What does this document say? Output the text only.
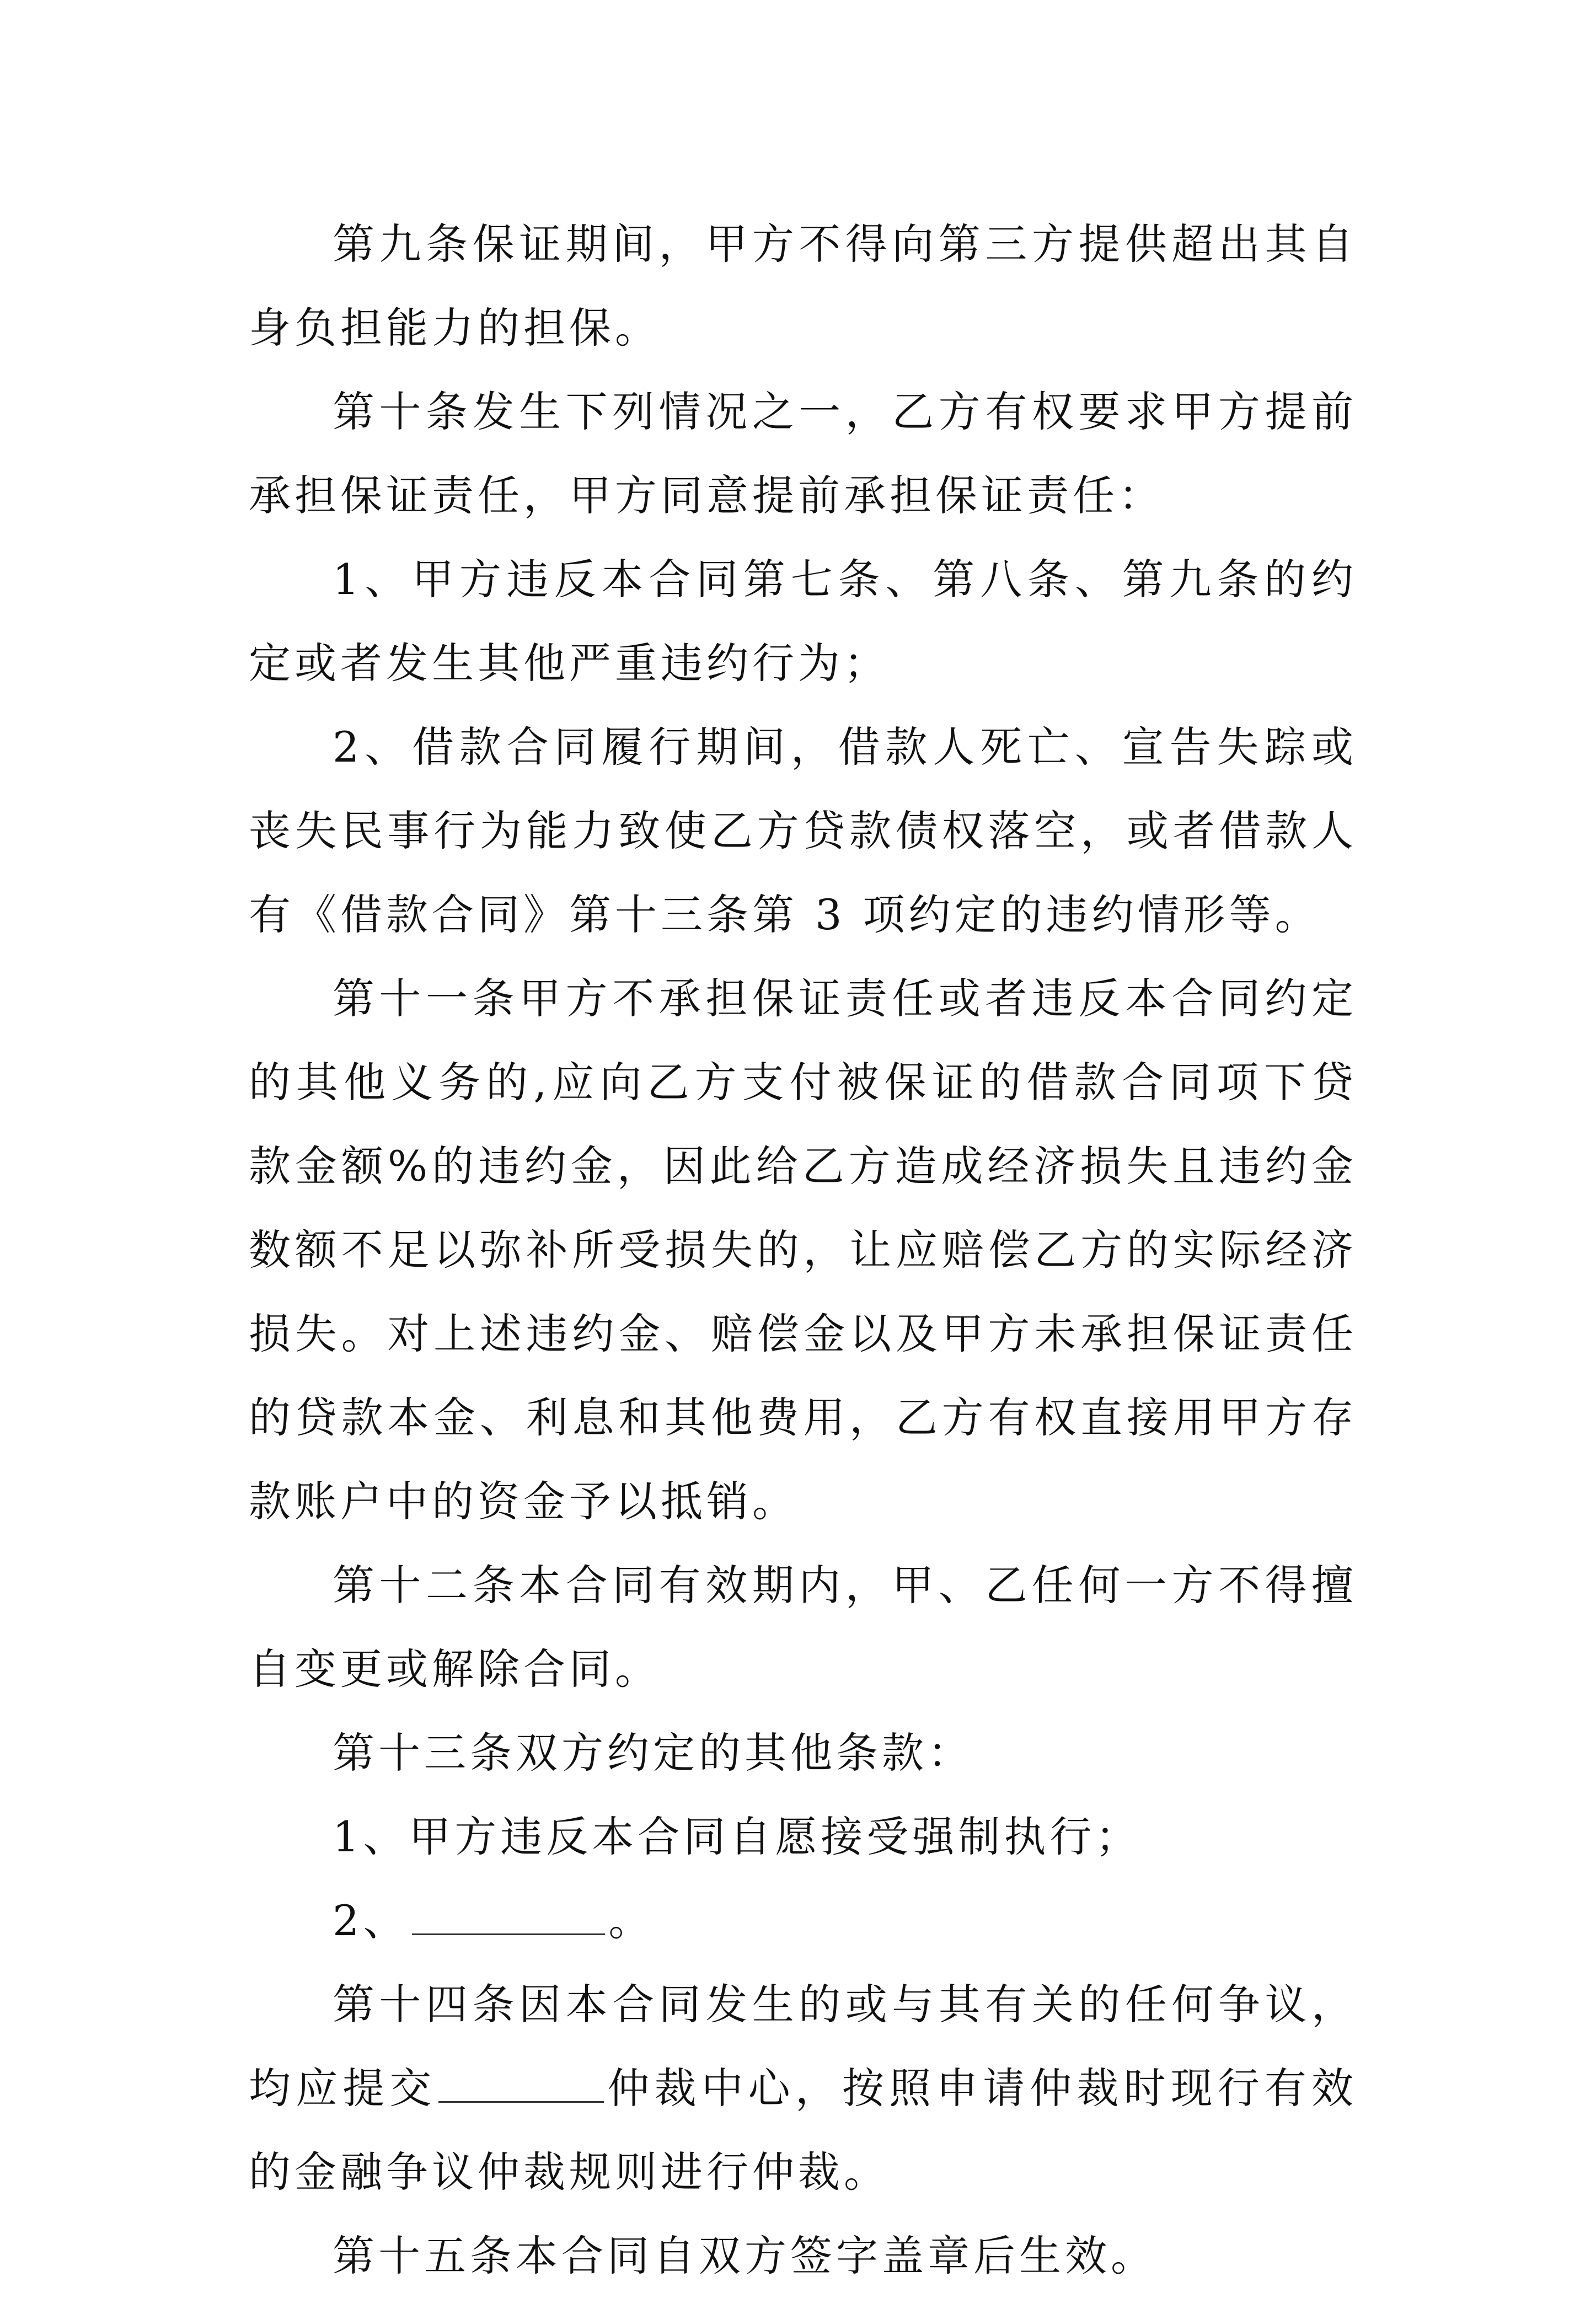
第九条保证期间，甲方不得向第三方提供超出其自身负担能力的担保。

第十条发生下列情况之一，乙方有权要求甲方提前承担保证责任，甲方同意提前承担保证责任：

1、甲方违反本合同第七条、第八条、第九条的约定或者发生其他严重违约行为；

2、借款合同履行期间，借款人死亡、宣告失踪或丧失民事行为能力致使乙方贷款债权落空，或者借款人有《借款合同》第十三条第 3 项约定的违约情形等。

第十一条甲方不承担保证责任或者违反本合同约定的其他义务的,应向乙方支付被保证的借款合同项下贷款金额%的违约金，因此给乙方造成经济损失且违约金数额不足以弥补所受损失的，让应赔偿乙方的实际经济损失。对上述违约金、赔偿金以及甲方未承担保证责任的贷款本金、利息和其他费用，乙方有权直接用甲方存款账户中的资金予以抵销。

第十二条本合同有效期内，甲、乙任何一方不得擅自变更或解除合同。

第十三条双方约定的其他条款：

1、甲方违反本合同自愿接受强制执行；

2、	。

第十四条因本合同发生的或与其有关的任何争议，均应提交	仲裁中心，按照申请仲裁时现行有效的金融争议仲裁规则进行仲裁。

第十五条本合同自双方签字盖章后生效。
